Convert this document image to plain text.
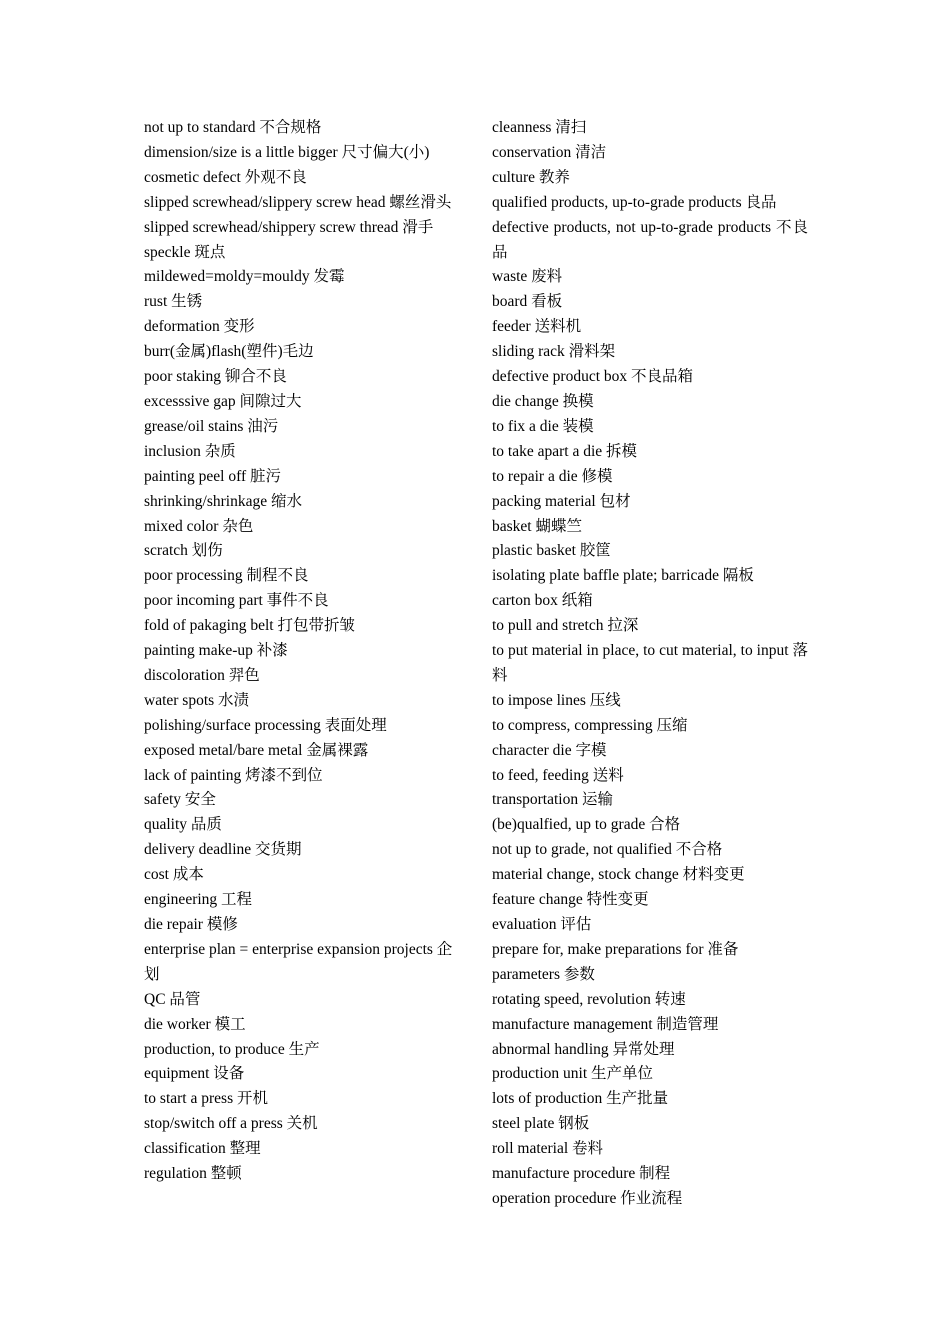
not up to standard 不合规格
dimension/size is a little bigger 尺寸偏大(小)
cosmetic defect 外观不良
slipped screwhead/slippery screw head 螺丝滑头
slipped screwhead/shippery screw thread 滑手
speckle 斑点
mildewed=moldy=mouldy 发霉
rust 生锈
deformation 变形
burr(金属)flash(塑件)毛边
poor staking 铆合不良
excesssive gap 间隙过大
grease/oil stains 油污
inclusion 杂质
painting peel off 脏污
shrinking/shrinkage 缩水
mixed color 杂色
scratch 划伤
poor processing 制程不良
poor incoming part 事件不良
fold of pakaging belt 打包带折皱
painting make-up 补漆
discoloration 羿色
water spots 水渍
polishing/surface processing 表面处理
exposed metal/bare metal 金属裸露
lack of painting 烤漆不到位
safety 安全
quality 品质
delivery deadline 交货期
cost 成本
engineering 工程
die repair 模修
enterprise plan = enterprise expansion projects 企划
QC 品管
die worker 模工
production, to produce 生产
equipment 设备
to start a press 开机
stop/switch off a press 关机
classification 整理
regulation 整顿
cleanness 清扫
conservation 清洁
culture 教养
qualified products, up-to-grade products 良品
defective products, not up-to-grade products 不良品
waste 废料
board 看板
feeder 送料机
sliding rack 滑料架
defective product box 不良品箱
die change 换模
to fix a die 装模
to take apart a die 拆模
to repair a die 修模
packing material 包材
basket 蝴蝶竺
plastic basket 胶筐
isolating plate baffle plate; barricade 隔板
carton box 纸箱
to pull and stretch 拉深
to put material in place, to cut material, to input 落料
to impose lines 压线
to compress, compressing 压缩
character die 字模
to feed, feeding 送料
transportation 运输
(be)qualfied, up to grade 合格
not up to grade, not qualified 不合格
material change, stock change 材料变更
feature change 特性变更
evaluation 评估
prepare for, make preparations for 准备
parameters 参数
rotating speed, revolution 转速
manufacture management 制造管理
abnormal handling 异常处理
production unit 生产单位
lots of production 生产批量
steel plate 钢板
roll material 卷料
manufacture procedure 制程
operation procedure 作业流程
